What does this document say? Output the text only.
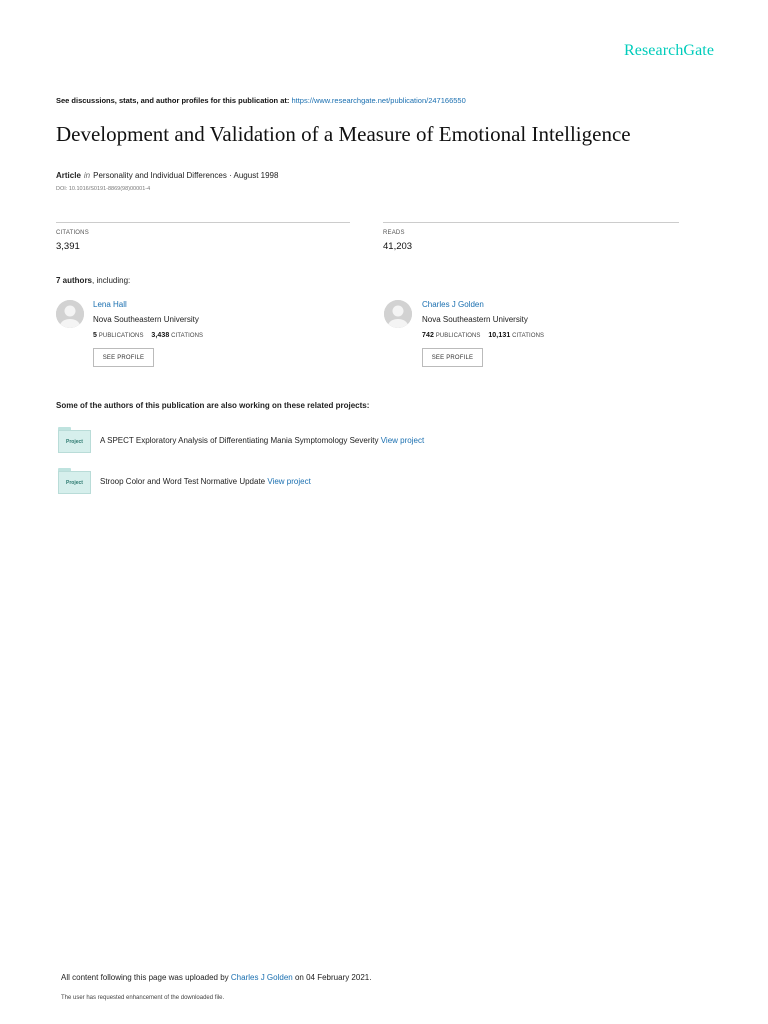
ResearchGate
See discussions, stats, and author profiles for this publication at: https://www.researchgate.net/publication/247166550
Development and Validation of a Measure of Emotional Intelligence
Article in Personality and Individual Differences · August 1998
DOI: 10.1016/S0191-8869(98)00001-4
CITATIONS
3,391
READS
41,203
7 authors, including:
Lena Hall
Nova Southeastern University
5 PUBLICATIONS 3,438 CITATIONS
SEE PROFILE
Charles J Golden
Nova Southeastern University
742 PUBLICATIONS 10,131 CITATIONS
SEE PROFILE
Some of the authors of this publication are also working on these related projects:
Project A SPECT Exploratory Analysis of Differentiating Mania Symptomology Severity View project
Project Stroop Color and Word Test Normative Update View project
All content following this page was uploaded by Charles J Golden on 04 February 2021.
The user has requested enhancement of the downloaded file.
